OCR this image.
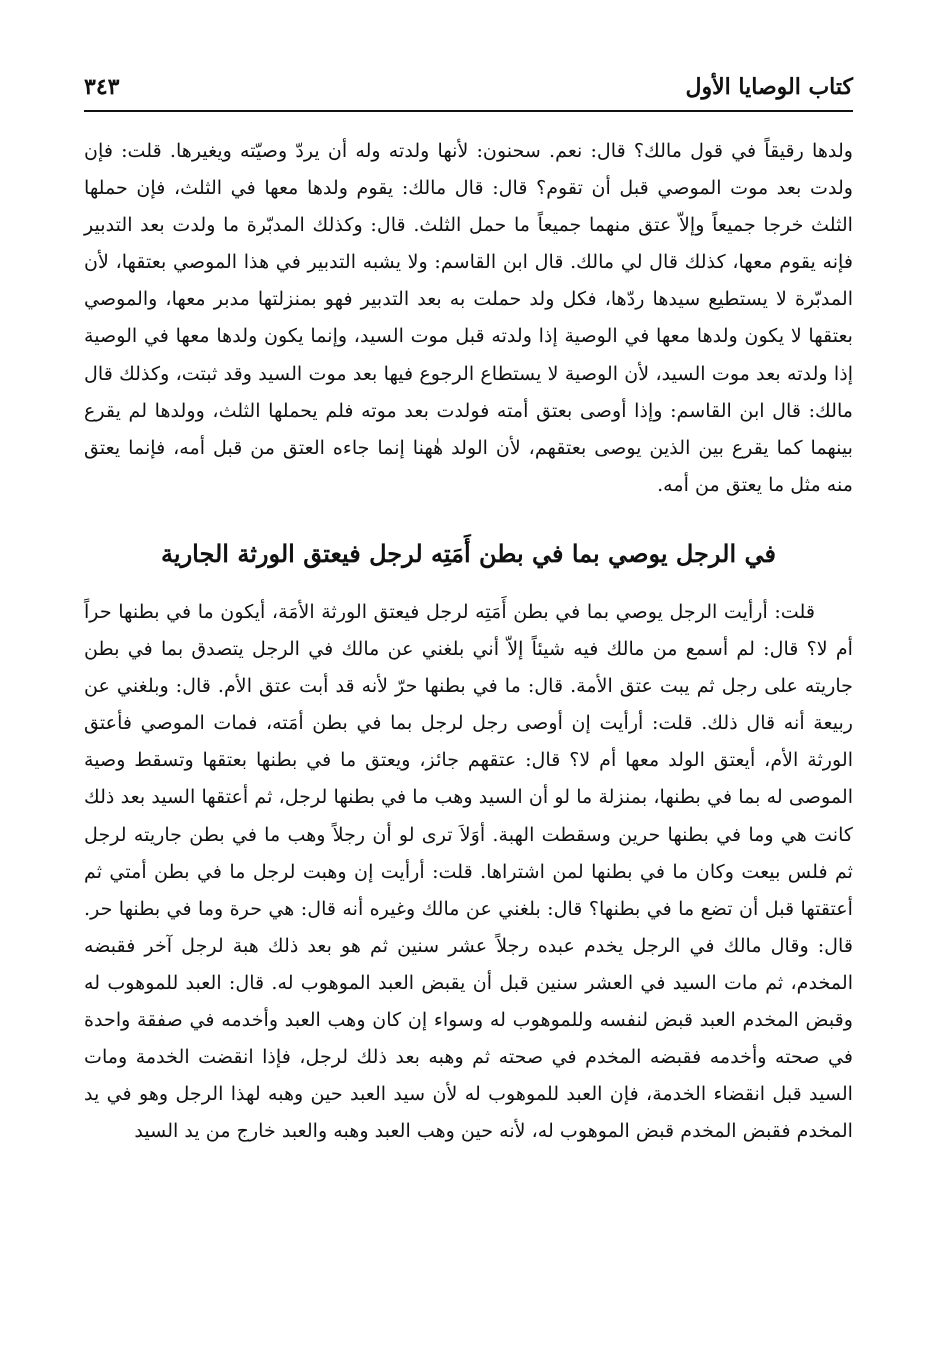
كتاب الوصايا الأول
٣٤٣

ولدها رقيقاً في قول مالك؟ قال: نعم. سحنون: لأنها ولدته وله أن يردّ وصيّته ويغيرها. قلت: فإن ولدت بعد موت الموصي قبل أن تقوم؟ قال: قال مالك: يقوم ولدها معها في الثلث، فإن حملها الثلث خرجا جميعاً وإلاّ عتق منهما جميعاً ما حمل الثلث. قال: وكذلك المدبّرة ما ولدت بعد التدبير فإنه يقوم معها، كذلك قال لي مالك. قال ابن القاسم: ولا يشبه التدبير في هذا الموصي بعتقها، لأن المدبّرة لا يستطيع سيدها ردّها، فكل ولد حملت به بعد التدبير فهو بمنزلتها مدبر معها، والموصي بعتقها لا يكون ولدها معها في الوصية إذا ولدته قبل موت السيد، وإنما يكون ولدها معها في الوصية إذا ولدته بعد موت السيد، لأن الوصية لا يستطاع الرجوع فيها بعد موت السيد وقد ثبتت، وكذلك قال مالك: قال ابن القاسم: وإذا أوصى بعتق أمته فولدت بعد موته فلم يحملها الثلث، وولدها لم يقرع بينهما كما يقرع بين الذين يوصى بعتقهم، لأن الولد هٰهنا إنما جاءه العتق من قبل أمه، فإنما يعتق منه مثل ما يعتق من أمه.

في الرجل يوصي بما في بطن أَمَتِه لرجل فيعتق الورثة الجارية

قلت: أرأيت الرجل يوصي بما في بطن أَمَتِه لرجل فيعتق الورثة الأمَة، أيكون ما في بطنها حراً أم لا؟ قال: لم أسمع من مالك فيه شيئاً إلاّ أني بلغني عن مالك في الرجل يتصدق بما في بطن جاريته على رجل ثم يبت عتق الأمة. قال: ما في بطنها حرّ لأنه قد أبت عتق الأم. قال: وبلغني عن ربيعة أنه قال ذلك. قلت: أرأيت إن أوصى رجل لرجل بما في بطن أمَته، فمات الموصي فأعتق الورثة الأم، أيعتق الولد معها أم لا؟ قال: عتقهم جائز، ويعتق ما في بطنها بعتقها وتسقط وصية الموصى له بما في بطنها، بمنزلة ما لو أن السيد وهب ما في بطنها لرجل، ثم أعتقها السيد بعد ذلك كانت هي وما في بطنها حرين وسقطت الهبة. أوَلاَ ترى لو أن رجلاً وهب ما في بطن جاريته لرجل ثم فلس بيعت وكان ما في بطنها لمن اشتراها. قلت: أرأيت إن وهبت لرجل ما في بطن أمتي ثم أعتقتها قبل أن تضع ما في بطنها؟ قال: بلغني عن مالك وغيره أنه قال: هي حرة وما في بطنها حر. قال: وقال مالك في الرجل يخدم عبده رجلاً عشر سنين ثم هو بعد ذلك هبة لرجل آخر فقبضه المخدم، ثم مات السيد في العشر سنين قبل أن يقبض العبد الموهوب له. قال: العبد للموهوب له وقبض المخدم العبد قبض لنفسه وللموهوب له وسواء إن كان وهب العبد وأخدمه في صفقة واحدة في صحته وأخدمه فقبضه المخدم في صحته ثم وهبه بعد ذلك لرجل، فإذا انقضت الخدمة ومات السيد قبل انقضاء الخدمة، فإن العبد للموهوب له لأن سيد العبد حين وهبه لهذا الرجل وهو في يد المخدم فقبض المخدم قبض الموهوب له، لأنه حين وهب العبد وهبه والعبد خارج من يد السيد
